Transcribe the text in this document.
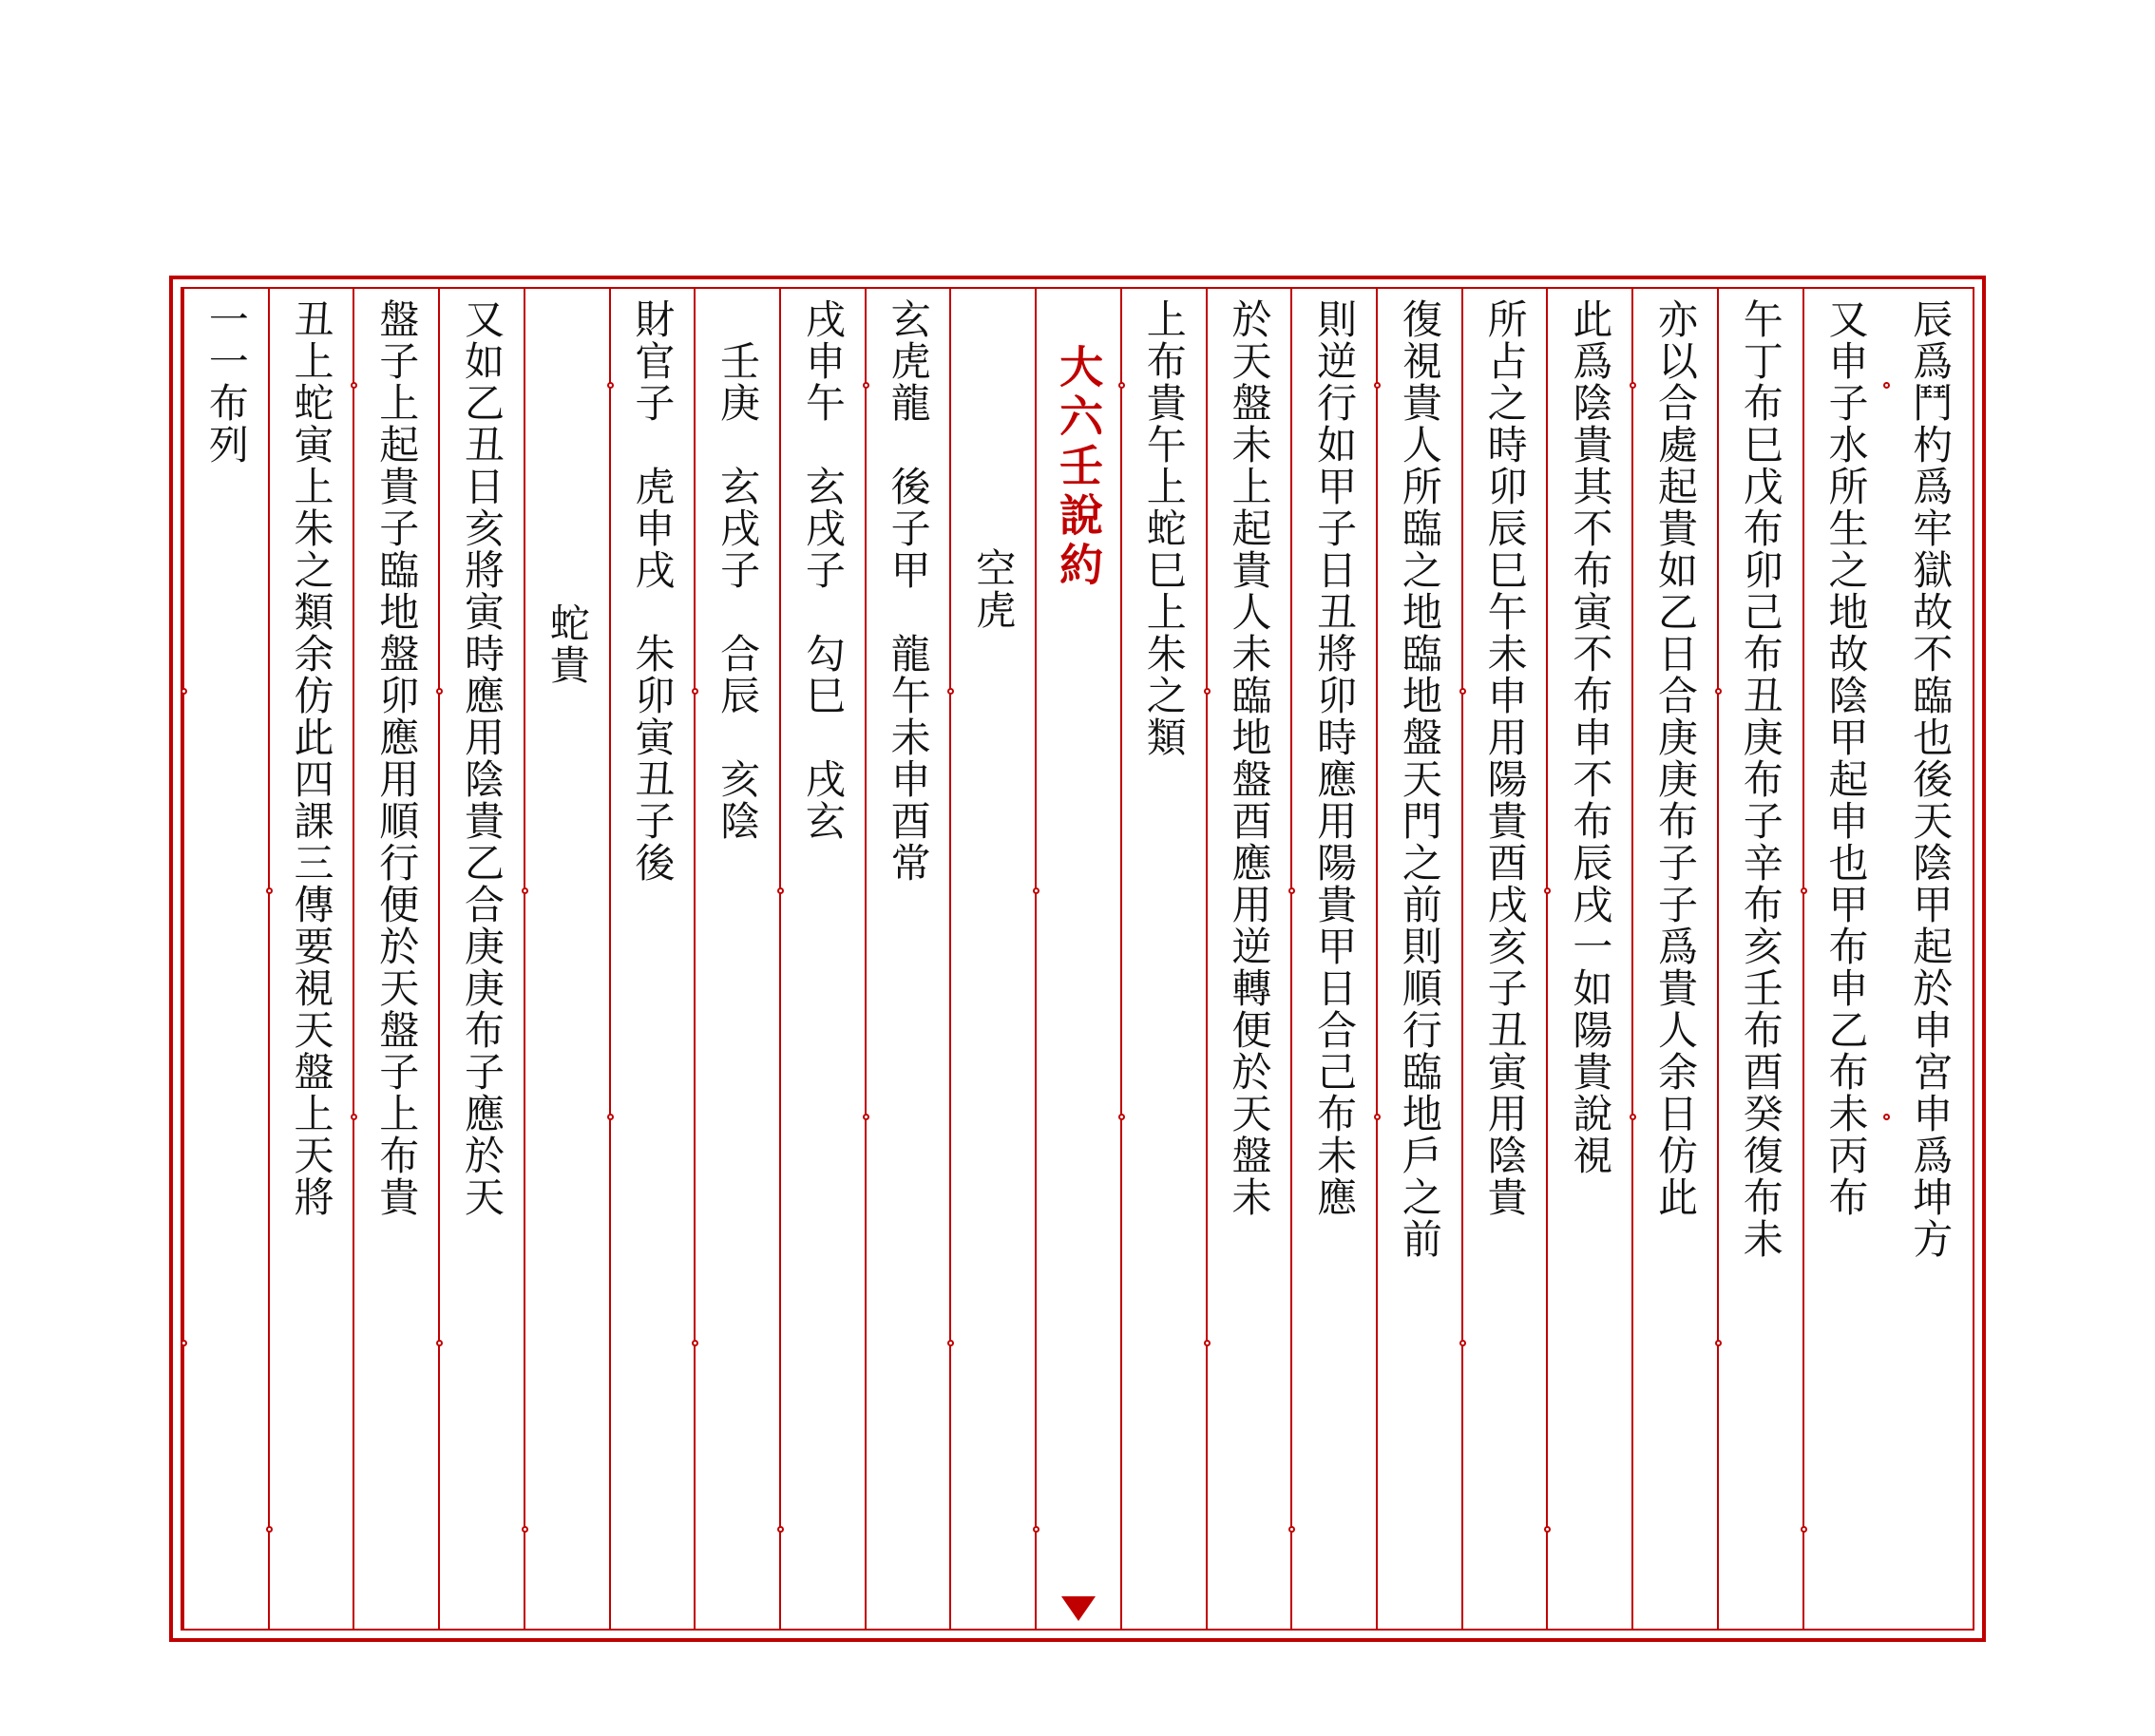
辰爲鬥杓爲牢獄故不臨也後天陰甲起於申宮申爲坤方
又申子水所生之地故陰甲起申也甲布申乙布未丙布
午丁布巳戊布卯己布丑庚布子辛布亥壬布酉癸復布未
亦以合處起貴如乙日合庚庚布子子爲貴人余日仿此
此爲陰貴其不布寅不布申不布辰戌一如陽貴說視
所占之時卯辰巳午未申用陽貴酉戌亥子丑寅用陰貴
復視貴人所臨之地臨地盤天門之前則順行臨地戶之前
則逆行如甲子日丑將卯時應用陽貴甲日合己布未應
於天盤未上起貴人未臨地盤酉應用逆轉便於天盤未
上布貴午上蛇巳上朱之類
大六壬說約
空虎
玄虎龍　後子甲　龍午未申酉常
戌申午　玄戌子　勾巳　戌玄
　壬庚　玄戌子　合辰　亥陰
財官子　虎申戌　朱卯寅丑子後
蛇貴
又如乙丑日亥將寅時應用陰貴乙合庚庚布子應於天
盤子上起貴子臨地盤卯應用順行便於天盤子上布貴
丑上蛇寅上朱之類余仿此四課三傳要視天盤上天將
一一布列
